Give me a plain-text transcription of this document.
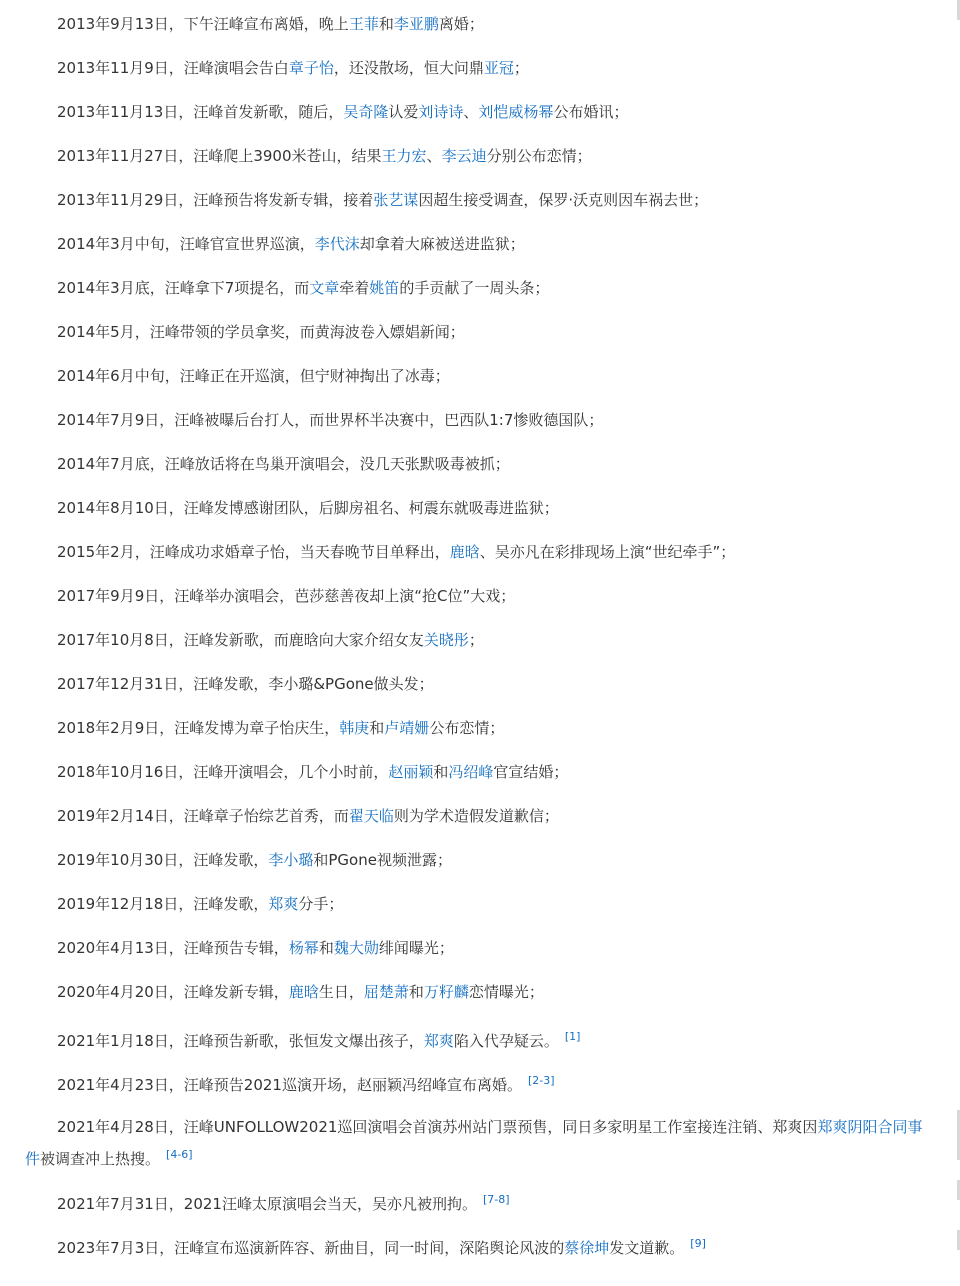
2013年9月13日，下午汪峰宣布离婚，晚上王菲和李亚鹏离婚；

2013年11月9日，汪峰演唱会告白章子怡，还没散场，恒大问鼎亚冠；

2013年11月13日，汪峰首发新歌，随后，吴奇隆认爱刘诗诗、刘恺威杨幂公布婚讯；

2013年11月27日，汪峰爬上3900米苍山，结果王力宏、李云迪分别公布恋情；

2013年11月29日，汪峰预告将发新专辑，接着张艺谋因超生接受调查，保罗·沃克则因车祸去世；

2014年3月中旬，汪峰官宣世界巡演，李代沫却拿着大麻被送进监狱；

2014年3月底，汪峰拿下7项提名，而文章牵着姚笛的手贡献了一周头条；

2014年5月，汪峰带领的学员拿奖，而黄海波卷入嫖娼新闻；

2014年6月中旬，汪峰正在开巡演，但宁财神掏出了冰毒；

2014年7月9日，汪峰被曝后台打人，而世界杯半决赛中，巴西队1:7惨败德国队；

2014年7月底，汪峰放话将在鸟巢开演唱会，没几天张默吸毒被抓；

2014年8月10日，汪峰发博感谢团队，后脚房祖名、柯震东就吸毒进监狱；

2015年2月，汪峰成功求婚章子怡，当天春晚节目单释出，鹿晗、吴亦凡在彩排现场上演“世纪牵手”；

2017年9月9日，汪峰举办演唱会，芭莎慈善夜却上演“抢C位”大戏；

2017年10月8日，汪峰发新歌，而鹿晗向大家介绍女友关晓彤；

2017年12月31日，汪峰发歌，李小璐&PGone做头发；

2018年2月9日，汪峰发博为章子怡庆生，韩庚和卢靖姗公布恋情；

2018年10月16日，汪峰开演唱会，几个小时前，赵丽颖和冯绍峰官宣结婚；

2019年2月14日，汪峰章子怡综艺首秀，而翟天临则为学术造假发道歉信；

2019年10月30日，汪峰发歌，李小璐和PGone视频泄露；

2019年12月18日，汪峰发歌，郑爽分手；

2020年4月13日，汪峰预告专辑，杨幂和魏大勋绯闻曝光；

2020年4月20日，汪峰发新专辑，鹿晗生日，屈楚萧和万籽麟恋情曝光；

2021年1月18日，汪峰预告新歌，张恒发文爆出孩子，郑爽陷入代孕疑云。 [1]

2021年4月23日，汪峰预告2021巡演开场，赵丽颖冯绍峰宣布离婚。 [2-3]

2021年4月28日，汪峰UNFOLLOW2021巡回演唱会首演苏州站门票预售，同日多家明星工作室接连注销、郑爽因郑爽阴阳合同事件被调查冲上热搜。 [4-6]

2021年7月31日，2021汪峰太原演唱会当天，吴亦凡被刑拘。 [7-8]

2023年7月3日，汪峰宣布巡演新阵容、新曲目，同一时间，深陷舆论风波的蔡徐坤发文道歉。 [9]
